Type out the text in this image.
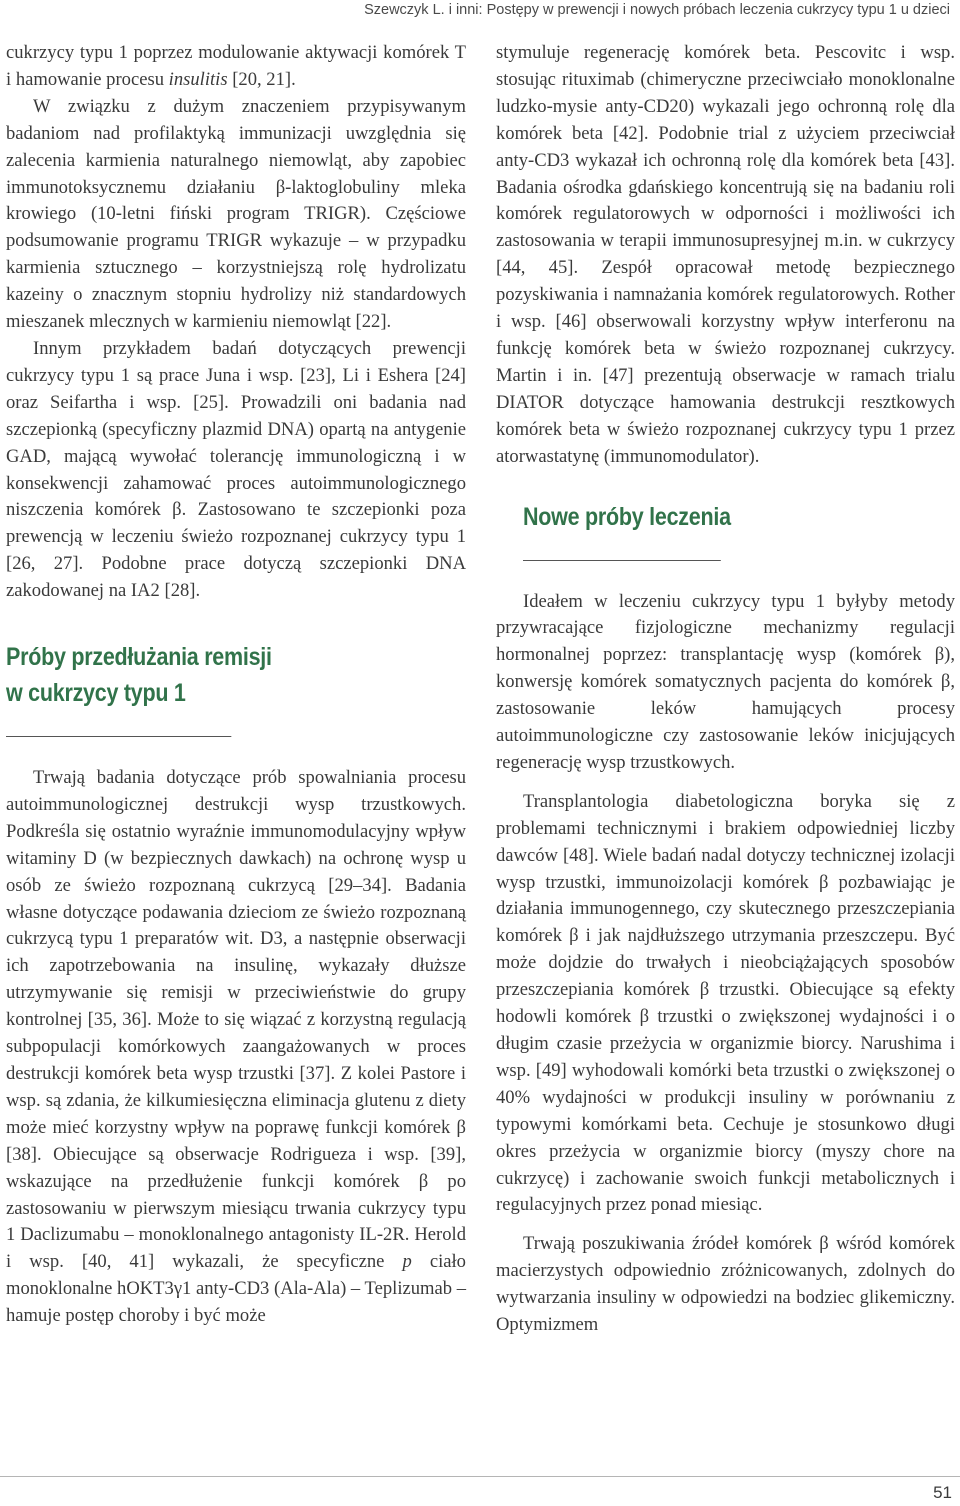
Szewczyk L. i inni: Postępy w prewencji i nowych próbach leczenia cukrzycy typu 1 u dzieci

cukrzycy typu 1 poprzez modulowanie aktywacji komórek T i hamowanie procesu insulitis [20, 21].

W związku z dużym znaczeniem przypisywanym badaniom nad profilaktyką immunizacji uwzględnia się zalecenia karmienia naturalnego niemowląt, aby zapobiec immunotoksycznemu działaniu β-laktoglobuliny mleka krowiego (10-letni fiński program TRIGR). Częściowe podsumowanie programu TRIGR wykazuje – w przypadku karmienia sztucznego – korzystniejszą rolę hydrolizatu kazeiny o znacznym stopniu hydrolizy niż standardowych mieszanek mlecznych w karmieniu niemowląt [22].

Innym przykładem badań dotyczących prewencji cukrzycy typu 1 są prace Juna i wsp. [23], Li i Eshera [24] oraz Seifartha i wsp. [25]. Prowadzili oni badania nad szczepionką (specyficzny plazmid DNA) opartą na antygenie GAD, mającą wywołać tolerancję immunologiczną i w konsekwencji zahamować proces autoimmunologicznego niszczenia komórek β. Zastosowano te szczepionki poza prewencją w leczeniu świeżo rozpoznanej cukrzycy typu 1 [26, 27]. Podobne prace dotyczą szczepionki DNA zakodowanej na IA2 [28].

Próby przedłużania remisji
w cukrzycy typu 1

Trwają badania dotyczące prób spowalniania procesu autoimmunologicznej destrukcji wysp trzustkowych. Podkreśla się ostatnio wyraźnie immunomodulacyjny wpływ witaminy D (w bezpiecznych dawkach) na ochronę wysp u osób ze świeżo rozpoznaną cukrzycą [29–34]. Badania własne dotyczące podawania dzieciom ze świeżo rozpoznaną cukrzycą typu 1 preparatów wit. D3, a następnie obserwacji ich zapotrzebowania na insulinę, wykazały dłuższe utrzymywanie się remisji w przeciwieństwie do grupy kontrolnej [35, 36]. Może to się wiązać z korzystną regulacją subpopulacji komórkowych zaangażowanych w proces destrukcji komórek beta wysp trzustki [37]. Z kolei Pastore i wsp. są zdania, że kilkumiesięczna eliminacja glutenu z diety może mieć korzystny wpływ na poprawę funkcji komórek β [38]. Obiecujące są obserwacje Rodrigueza i wsp. [39], wskazujące na przedłużenie funkcji komórek β po zastosowaniu w pierwszym miesiącu trwania cukrzycy typu 1 Daclizumabu – monoklonalnego antagonisty IL-2R. Herold i wsp. [40, 41] wykazali, że specyficzne p ciało monoklonalne hOKT3γ1 anty-CD3 (Ala-Ala) – Teplizumab – hamuje postęp choroby i być może

stymuluje regenerację komórek beta. Pescovitc i wsp. stosując rituximab (chimeryczne przeciwciało monoklonalne ludzko-mysie anty-CD20) wykazali jego ochronną rolę dla komórek beta [42]. Podobnie trial z użyciem przeciwciał anty-CD3 wykazał ich ochronną rolę dla komórek beta [43]. Badania ośrodka gdańskiego koncentrują się na badaniu roli komórek regulatorowych w odporności i możliwości ich zastosowania w terapii immunosupresyjnej m.in. w cukrzycy [44, 45]. Zespół opracował metodę bezpiecznego pozyskiwania i namnażania komórek regulatorowych. Rother i wsp. [46] obserwowali korzystny wpływ interferonu na funkcję komórek beta w świeżo rozpoznanej cukrzycy. Martin i in. [47] prezentują obserwacje w ramach trialu DIATOR dotyczące hamowania destrukcji resztkowych komórek beta w świeżo rozpoznanej cukrzycy typu 1 przez atorwastatynę (immunomodulator).

Nowe próby leczenia

Ideałem w leczeniu cukrzycy typu 1 byłyby metody przywracające fizjologiczne mechanizmy regulacji hormonalnej poprzez: transplantację wysp (komórek β), konwersję komórek somatycznych pacjenta do komórek β, zastosowanie leków hamujących procesy autoimmunologiczne czy zastosowanie leków inicjujących regenerację wysp trzustkowych.

Transplantologia diabetologiczna boryka się z problemami technicznymi i brakiem odpowiedniej liczby dawców [48]. Wiele badań nadal dotyczy technicznej izolacji wysp trzustki, immunoizolacji komórek β pozbawiając je działania immunogennego, czy skutecznego przeszczepiania komórek β i jak najdłuższego utrzymania przeszczepu. Być może dojdzie do trwałych i nieobciążających sposobów przeszczepiania komórek β trzustki. Obiecujące są efekty hodowli komórek β trzustki o zwiększonej wydajności i o długim czasie przeżycia w organizmie biorcy. Narushima i wsp. [49] wyhodowali komórki beta trzustki o zwiększonej o 40% wydajności w produkcji insuliny w porównaniu z typowymi komórkami beta. Cechuje je stosunkowo długi okres przeżycia w organizmie biorcy (myszy chore na cukrzycę) i zachowanie swoich funkcji metabolicznych i regulacyjnych przez ponad miesiąc.

Trwają poszukiwania źródeł komórek β wśród komórek macierzystych odpowiednio zróżnicowanych, zdolnych do wytwarzania insuliny w odpowiedzi na bodziec glikemiczny. Optymizmem

51
